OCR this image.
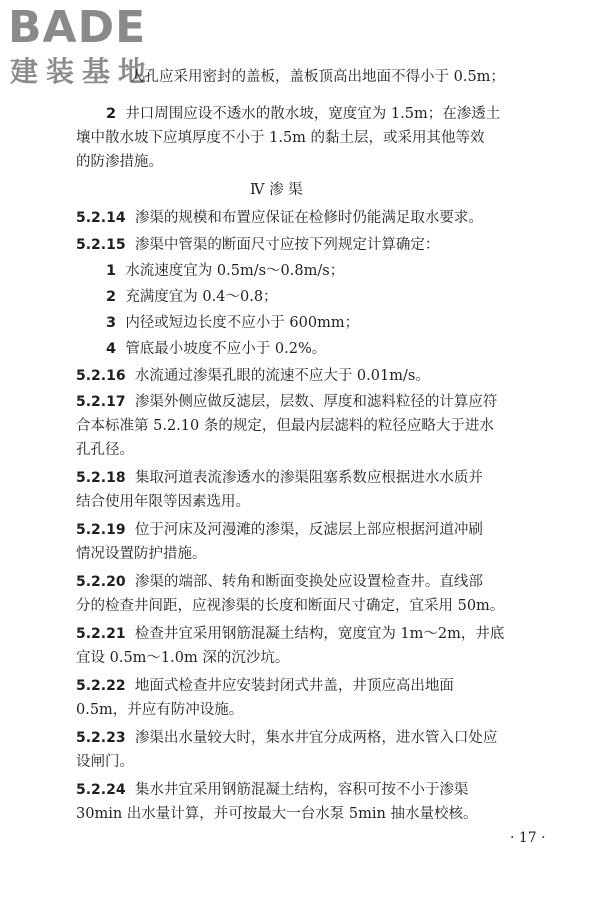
BADE
建装基地
人孔应采用密封的盖板，盖板顶高出地面不得小于 0.5m；
2 井口周围应设不透水的散水坡，宽度宜为 1.5m；在渗透土
壤中散水坡下应填厚度不小于 1.5m 的黏土层，或采用其他等效
的防渗措施。
Ⅳ 渗 渠
5.2.14 渗渠的规模和布置应保证在检修时仍能满足取水要求。
5.2.15 渗渠中管渠的断面尺寸应按下列规定计算确定：
1 水流速度宜为 0.5m/s～0.8m/s；
2 充满度宜为 0.4～0.8；
3 内径或短边长度不应小于 600mm；
4 管底最小坡度不应小于 0.2%。
5.2.16 水流通过渗渠孔眼的流速不应大于 0.01m/s。
5.2.17 渗渠外侧应做反滤层，层数、厚度和滤料粒径的计算应符
合本标准第 5.2.10 条的规定，但最内层滤料的粒径应略大于进水
孔孔径。
5.2.18 集取河道表流渗透水的渗渠阻塞系数应根据进水水质并
结合使用年限等因素选用。
5.2.19 位于河床及河漫滩的渗渠，反滤层上部应根据河道冲刷
情况设置防护措施。
5.2.20 渗渠的端部、转角和断面变换处应设置检查井。直线部
分的检查井间距，应视渗渠的长度和断面尺寸确定，宜采用 50m。
5.2.21 检查井宜采用钢筋混凝土结构，宽度宜为 1m～2m，井底
宜设 0.5m～1.0m 深的沉沙坑。
5.2.22 地面式检查井应安装封闭式井盖，井顶应高出地面
0.5m，并应有防冲设施。
5.2.23 渗渠出水量较大时，集水井宜分成两格，进水管入口处应
设闸门。
5.2.24 集水井宜采用钢筋混凝土结构，容积可按不小于渗渠
30min 出水量计算，并可按最大一台水泵 5min 抽水量校核。
· 17 ·
